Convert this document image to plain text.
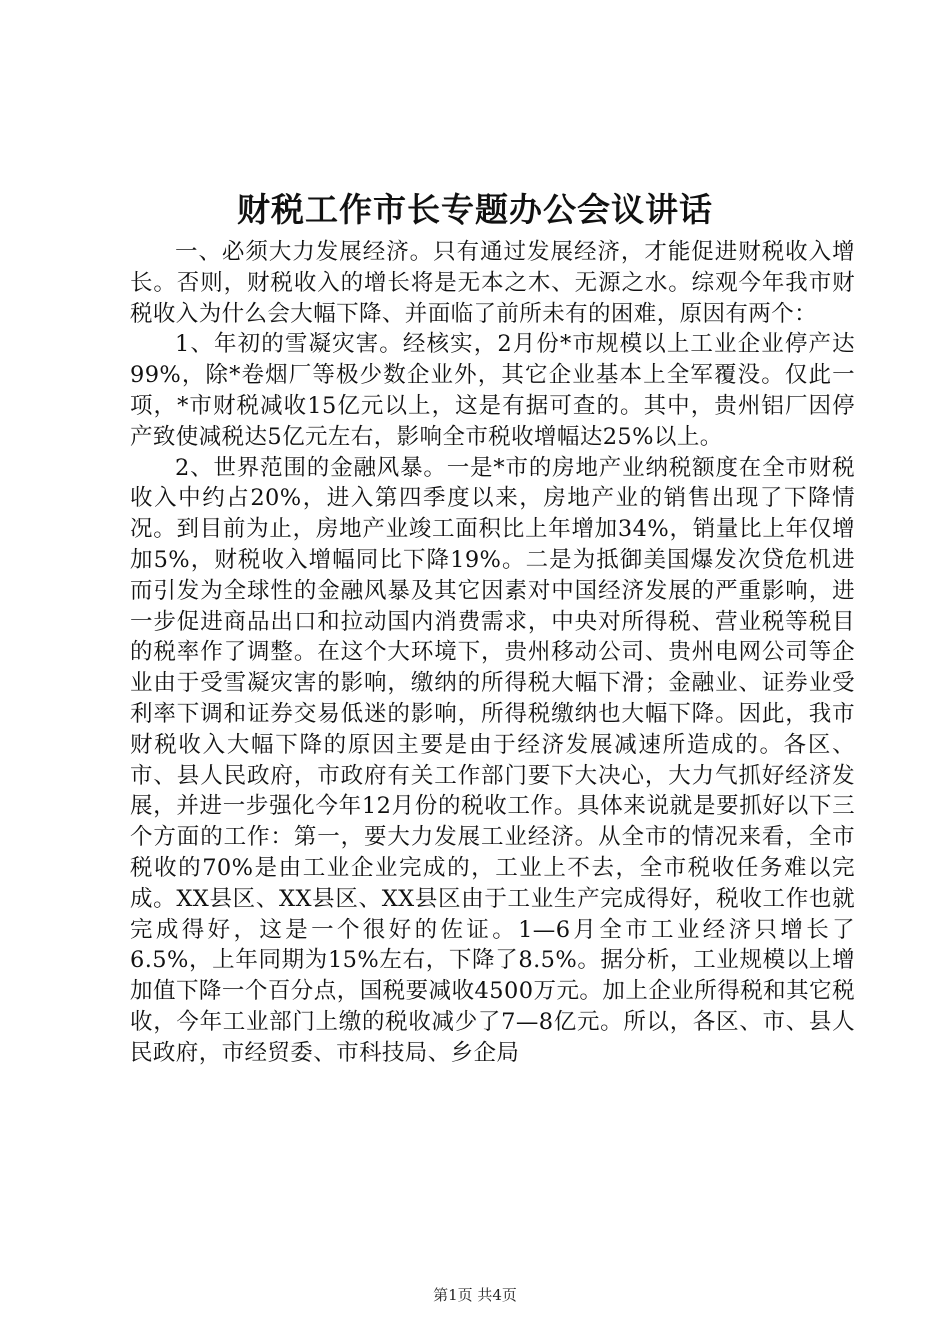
财税工作市长专题办公会议讲话

一、必须大力发展经济。只有通过发展经济，才能促进财税收入增长。否则，财税收入的增长将是无本之木、无源之水。综观今年我市财税收入为什么会大幅下降、并面临了前所未有的困难，原因有两个：

1、年初的雪凝灾害。经核实，2月份*市规模以上工业企业停产达99%，除*卷烟厂等极少数企业外，其它企业基本上全军覆没。仅此一项，*市财税减收15亿元以上，这是有据可查的。其中，贵州铝厂因停产致使减税达5亿元左右，影响全市税收增幅达25%以上。

2、世界范围的金融风暴。一是*市的房地产业纳税额度在全市财税收入中约占20%，进入第四季度以来，房地产业的销售出现了下降情况。到目前为止，房地产业竣工面积比上年增加34%，销量比上年仅增加5%，财税收入增幅同比下降19%。二是为抵御美国爆发次贷危机进而引发为全球性的金融风暴及其它因素对中国经济发展的严重影响，进一步促进商品出口和拉动国内消费需求，中央对所得税、营业税等税目的税率作了调整。在这个大环境下，贵州移动公司、贵州电网公司等企业由于受雪凝灾害的影响，缴纳的所得税大幅下滑；金融业、证券业受利率下调和证券交易低迷的影响，所得税缴纳也大幅下降。因此，我市财税收入大幅下降的原因主要是由于经济发展减速所造成的。各区、市、县人民政府，市政府有关工作部门要下大决心，大力气抓好经济发展，并进一步强化今年12月份的税收工作。具体来说就是要抓好以下三个方面的工作：第一，要大力发展工业经济。从全市的情况来看，全市税收的70%是由工业企业完成的，工业上不去，全市税收任务难以完成。XX县区、XX县区、XX县区由于工业生产完成得好，税收工作也就完成得好，这是一个很好的佐证。1—6月全市工业经济只增长了6.5%，上年同期为15%左右，下降了8.5%。据分析，工业规模以上增加值下降一个百分点，国税要减收4500万元。加上企业所得税和其它税收，今年工业部门上缴的税收减少了7—8亿元。所以，各区、市、县人民政府，市经贸委、市科技局、乡企局

第1页 共4页
